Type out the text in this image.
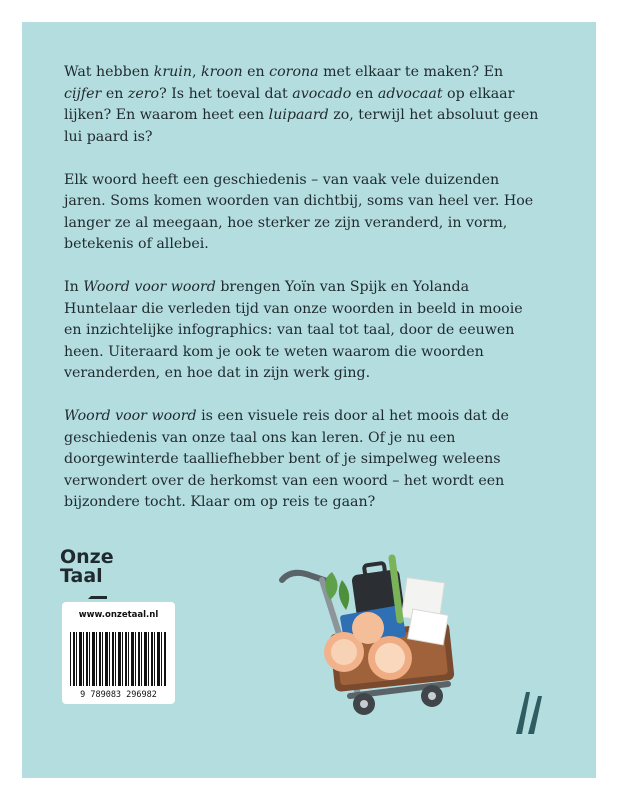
Wat hebben kruin, kroon en corona met elkaar te maken? En cijfer en zero? Is het toeval dat avocado en advocaat op elkaar lijken? En waarom heet een luipaard zo, terwijl het absoluut geen lui paard is?

Elk woord heeft een geschiedenis – van vaak vele duizenden jaren. Soms komen woorden van dichtbij, soms van heel ver. Hoe langer ze al meegaan, hoe sterker ze zijn veranderd, in vorm, betekenis of allebei.

In Woord voor woord brengen Yoïn van Spijk en Yolanda Huntelaar die verleden tijd van onze woorden in beeld in mooie en inzichtelijke infographics: van taal tot taal, door de eeuwen heen. Uiteraard kom je ook te weten waarom die woorden veranderden, en hoe dat in zijn werk ging.

Woord voor woord is een visuele reis door al het moois dat de geschiedenis van onze taal ons kan leren. Of je nu een doorgewinterde taalliefhebber bent of je simpelweg weleens verwondert over de herkomst van een woord – het wordt een bijzondere tocht. Klaar om op reis te gaan?

Onze
Taal
www.onzetaal.nl
9 789083 296982
